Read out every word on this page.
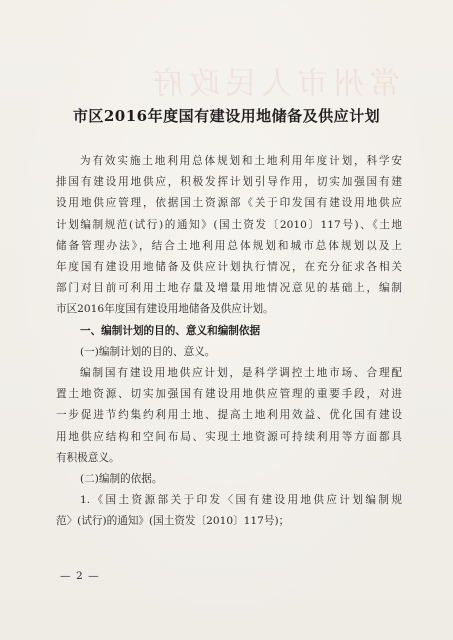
常州市人民政府
市区2016年度国有建设用地储备及供应计划
为有效实施土地利用总体规划和土地利用年度计划，科学安
排国有建设用地供应，积极发挥计划引导作用，切实加强国有建
设用地供应管理，依据国土资源部《关于印发国有建设用地供应
计划编制规范(试行)的通知》(国土资发〔2010〕117号)、《土地
储备管理办法》，结合土地利用总体规划和城市总体规划以及上
年度国有建设用地储备及供应计划执行情况，在充分征求各相关
部门对目前可利用土地存量及增量用地情况意见的基础上，编制
市区2016年度国有建设用地储备及供应计划。
一、编制计划的目的、意义和编制依据
(一)编制计划的目的、意义。
编制国有建设用地供应计划，是科学调控土地市场、合理配
置土地资源、切实加强国有建设用地供应管理的重要手段，对进
一步促进节约集约利用土地、提高土地利用效益、优化国有建设
用地供应结构和空间布局、实现土地资源可持续利用等方面都具
有积极意义。
(二)编制的依据。
1.《国土资源部关于印发〈国有建设用地供应计划编制规
范〉(试行)的通知》(国土资发〔2010〕117号)；
— 2 —
